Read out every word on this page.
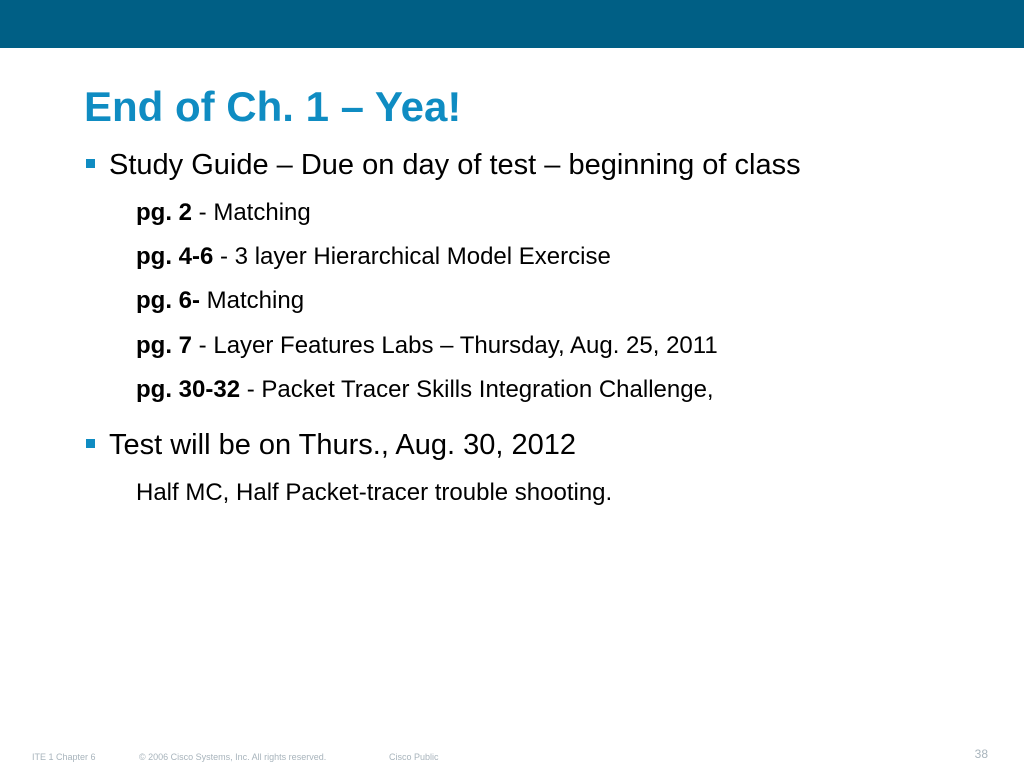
End of Ch. 1 – Yea!
Study Guide – Due on day of test – beginning of class
pg. 2 - Matching
pg. 4-6 - 3 layer Hierarchical Model Exercise
pg. 6- Matching
pg. 7 - Layer Features Labs – Thursday, Aug. 25, 2011
pg. 30-32 - Packet Tracer Skills Integration Challenge,
Test will be on Thurs., Aug. 30, 2012
Half MC, Half Packet-tracer trouble shooting.
ITE 1 Chapter 6	© 2006 Cisco Systems, Inc. All rights reserved.	Cisco Public	38
